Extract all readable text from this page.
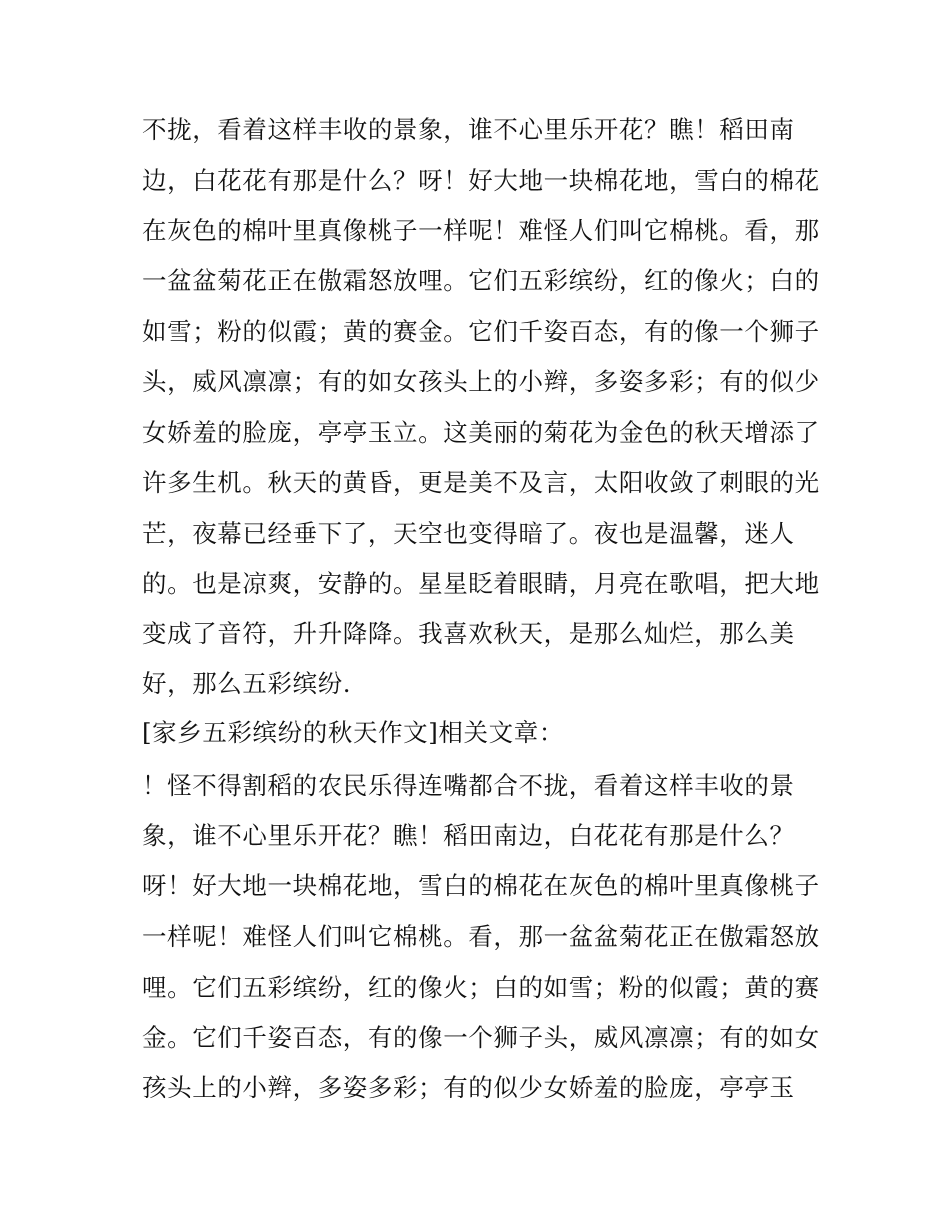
不拢，看着这样丰收的景象，谁不心里乐开花？瞧！稻田南
边，白花花有那是什么？呀！好大地一块棉花地，雪白的棉花
在灰色的棉叶里真像桃子一样呢！难怪人们叫它棉桃。看，那
一盆盆菊花正在傲霜怒放哩。它们五彩缤纷，红的像火；白的
如雪；粉的似霞；黄的赛金。它们千姿百态，有的像一个狮子
头，威风凛凛；有的如女孩头上的小辫，多姿多彩；有的似少
女娇羞的脸庞，亭亭玉立。这美丽的菊花为金色的秋天增添了
许多生机。秋天的黄昏，更是美不及言，太阳收敛了刺眼的光
芒，夜幕已经垂下了，天空也变得暗了。夜也是温馨，迷人
的。也是凉爽，安静的。星星眨着眼睛，月亮在歌唱，把大地
变成了音符，升升降降。我喜欢秋天，是那么灿烂，那么美
好，那么五彩缤纷.
[家乡五彩缤纷的秋天作文]相关文章：
！怪不得割稻的农民乐得连嘴都合不拢，看着这样丰收的景
象，谁不心里乐开花？瞧！稻田南边，白花花有那是什么？
呀！好大地一块棉花地，雪白的棉花在灰色的棉叶里真像桃子
一样呢！难怪人们叫它棉桃。看，那一盆盆菊花正在傲霜怒放
哩。它们五彩缤纷，红的像火；白的如雪；粉的似霞；黄的赛
金。它们千姿百态，有的像一个狮子头，威风凛凛；有的如女
孩头上的小辫，多姿多彩；有的似少女娇羞的脸庞，亭亭玉
